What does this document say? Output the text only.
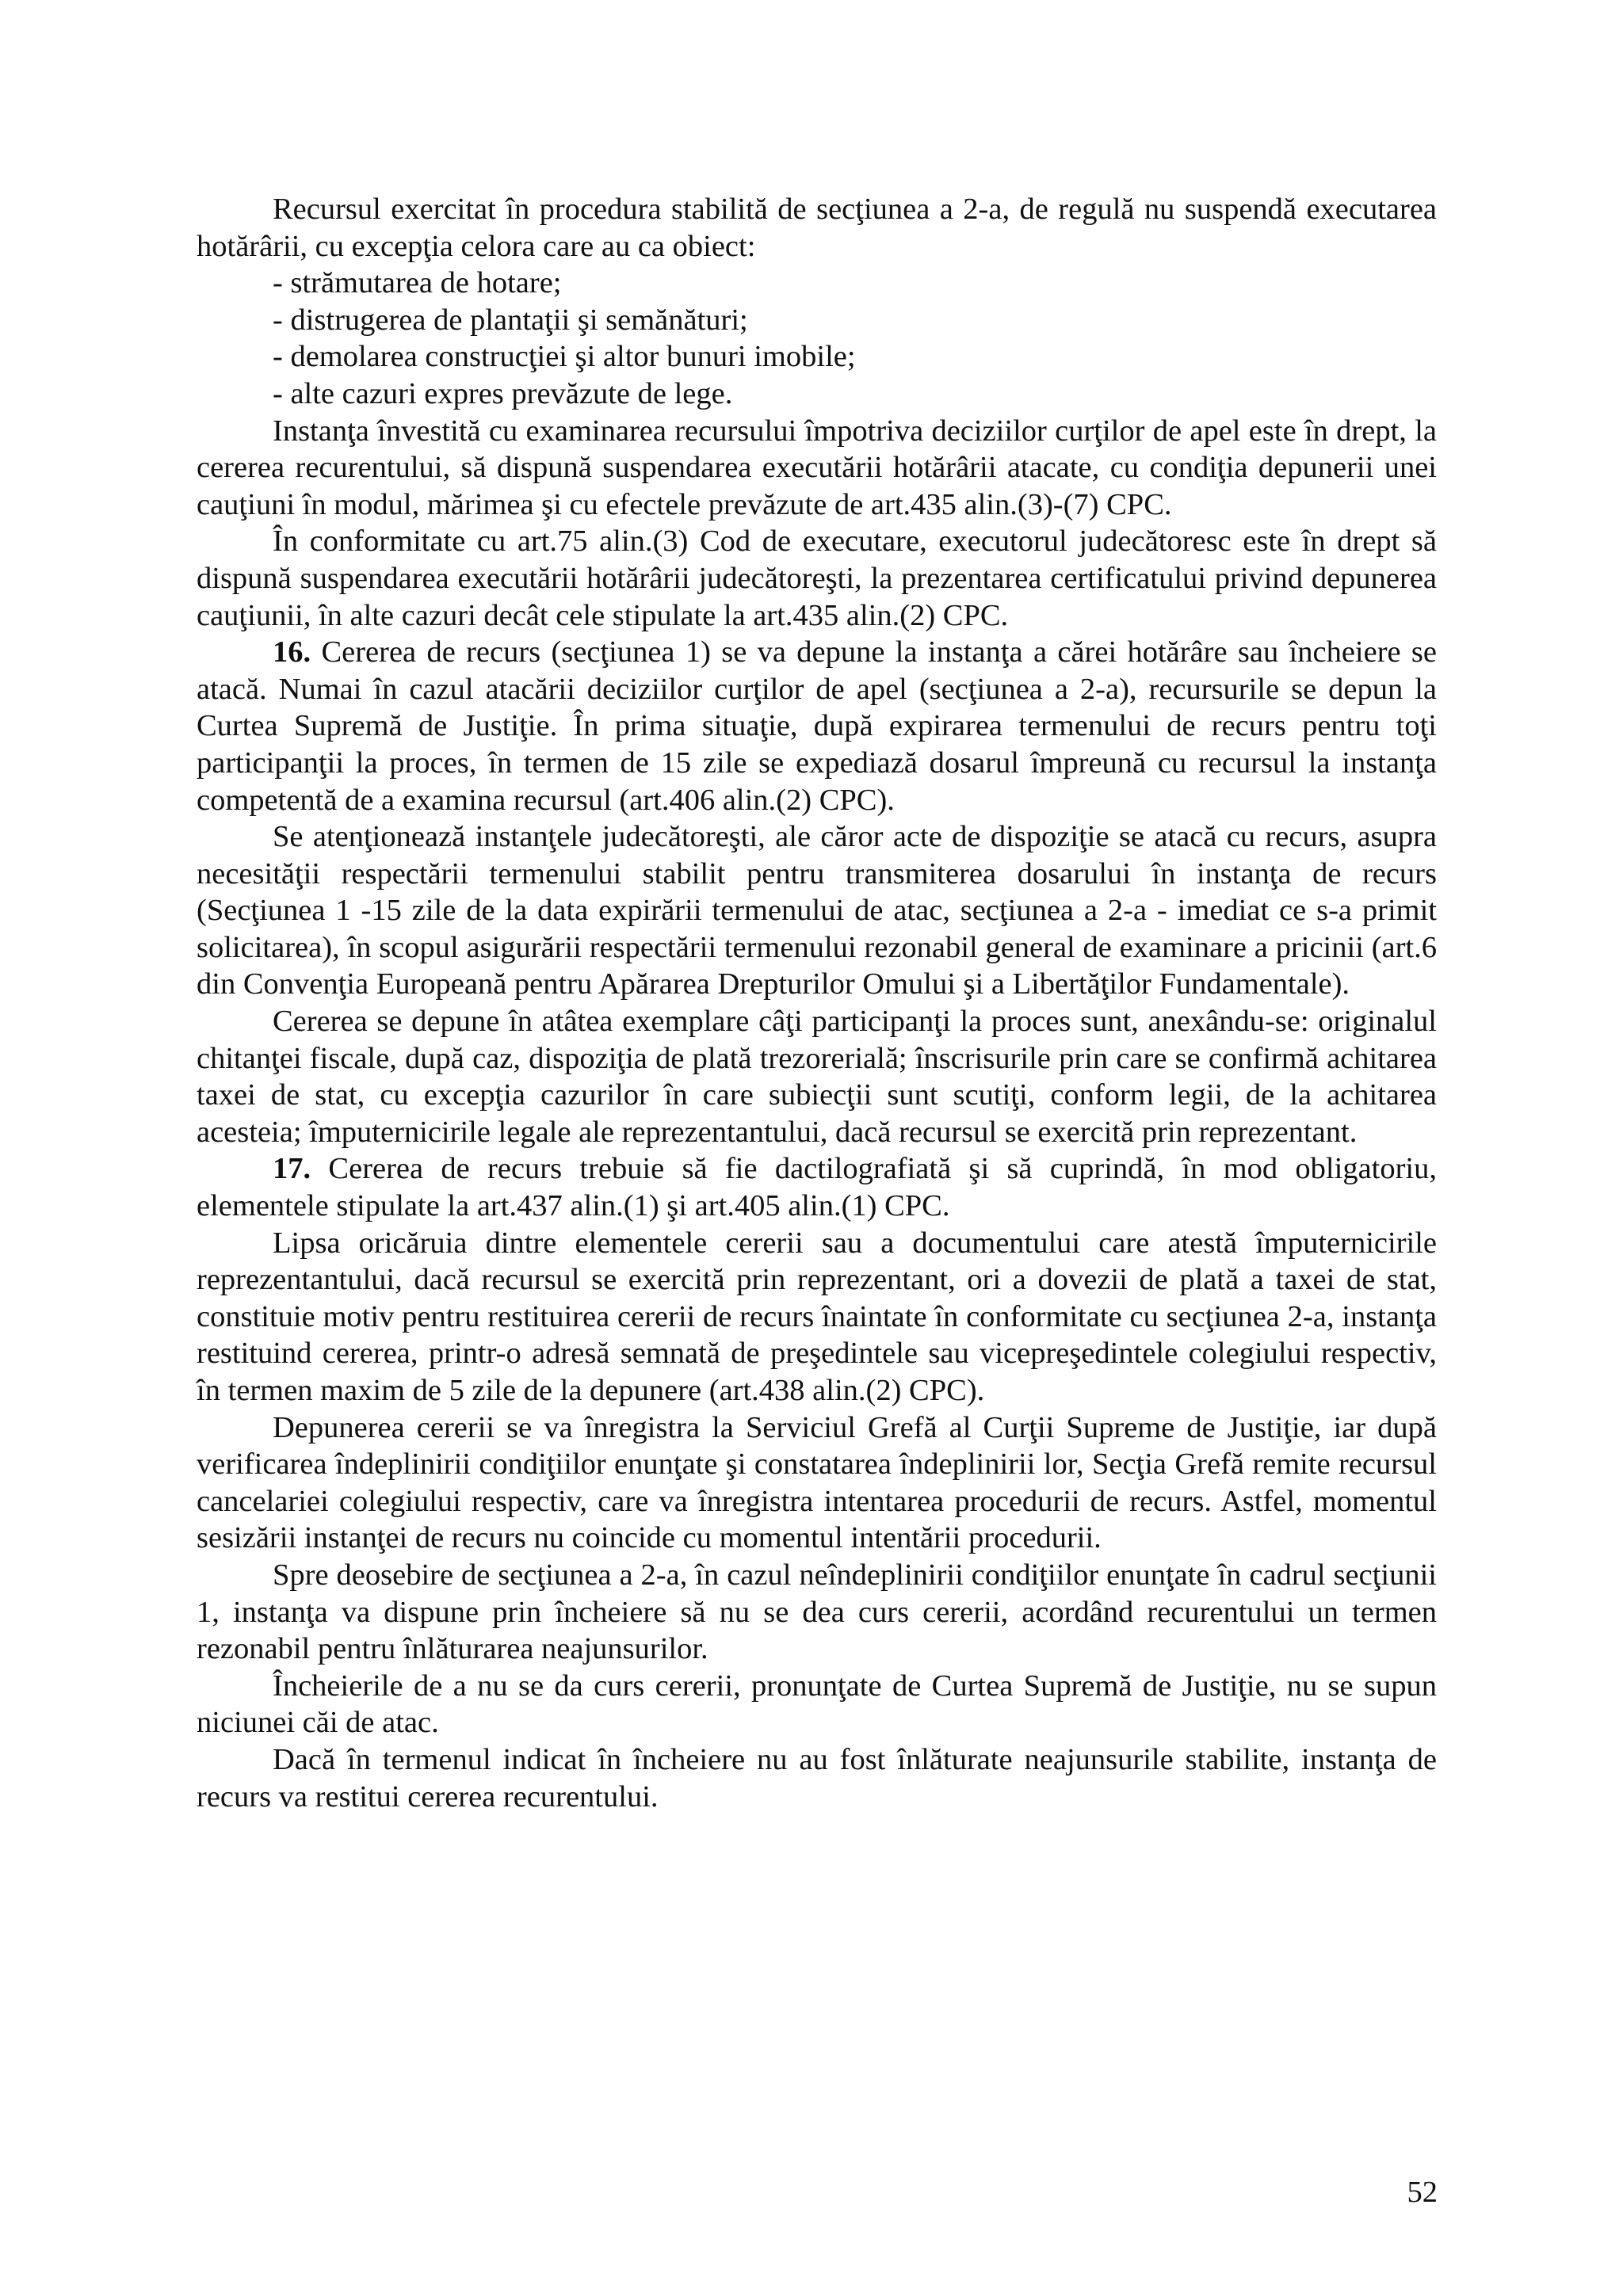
Recursul exercitat în procedura stabilită de secţiunea a 2-a, de regulă nu suspendă executarea hotărârii, cu excepţia celora care au ca obiect:

- strămutarea de hotare;

- distrugerea de plantaţii şi semănături;

- demolarea construcţiei şi altor bunuri imobile;

- alte cazuri expres prevăzute de lege.

Instanţa învestită cu examinarea recursului împotriva deciziilor curţilor de apel este în drept, la cererea recurentului, să dispună suspendarea executării hotărârii atacate, cu condiţia depunerii unei cauţiuni în modul, mărimea şi cu efectele prevăzute de art.435 alin.(3)-(7) CPC.

În conformitate cu art.75 alin.(3) Cod de executare, executorul judecătoresc este în drept să dispună suspendarea executării hotărârii judecătoreşti, la prezentarea certificatului privind depunerea cauţiunii, în alte cazuri decât cele stipulate la art.435 alin.(2) CPC.

16. Cererea de recurs (secţiunea 1) se va depune la instanţa a cărei hotărâre sau încheiere se atacă. Numai în cazul atacării deciziilor curţilor de apel (secţiunea a 2-a), recursurile se depun la Curtea Supremă de Justiţie. În prima situaţie, după expirarea termenului de recurs pentru toţi participanţii la proces, în termen de 15 zile se expediază dosarul împreună cu recursul la instanţa competentă de a examina recursul (art.406 alin.(2) CPC).

Se atenţionează instanţele judecătoreşti, ale căror acte de dispoziţie se atacă cu recurs, asupra necesităţii respectării termenului stabilit pentru transmiterea dosarului în instanţa de recurs (Secţiunea 1 -15 zile de la data expirării termenului de atac, secţiunea a 2-a - imediat ce s-a primit solicitarea), în scopul asigurării respectării termenului rezonabil general de examinare a pricinii (art.6 din Convenţia Europeană pentru Apărarea Drepturilor Omului şi a Libertăţilor Fundamentale).

Cererea se depune în atâtea exemplare câţi participanţi la proces sunt, anexându-se: originalul chitanţei fiscale, după caz, dispoziţia de plată trezorerială; înscrisurile prin care se confirmă achitarea taxei de stat, cu excepţia cazurilor în care subiecţii sunt scutiţi, conform legii, de la achitarea acesteia; împuternicirile legale ale reprezentantului, dacă recursul se exercită prin reprezentant.

17. Cererea de recurs trebuie să fie dactilografiată şi să cuprindă, în mod obligatoriu, elementele stipulate la art.437 alin.(1) şi art.405 alin.(1) CPC.

Lipsa oricăruia dintre elementele cererii sau a documentului care atestă împuternicirile reprezentantului, dacă recursul se exercită prin reprezentant, ori a dovezii de plată a taxei de stat, constituie motiv pentru restituirea cererii de recurs înaintate în conformitate cu secţiunea 2-a, instanţa restituind cererea, printr-o adresă semnată de preşedintele sau vicepreşedintele colegiului respectiv, în termen maxim de 5 zile de la depunere (art.438 alin.(2) CPC).

Depunerea cererii se va înregistra la Serviciul Grefă al Curţii Supreme de Justiţie, iar după verificarea îndeplinirii condiţiilor enunţate şi constatarea îndeplinirii lor, Secţia Grefă remite recursul cancelariei colegiului respectiv, care va înregistra intentarea procedurii de recurs. Astfel, momentul sesizării instanţei de recurs nu coincide cu momentul intentării procedurii.

Spre deosebire de secţiunea a 2-a, în cazul neîndeplinirii condiţiilor enunţate în cadrul secţiunii 1, instanţa va dispune prin încheiere să nu se dea curs cererii, acordând recurentului un termen rezonabil pentru înlăturarea neajunsurilor.

Încheierile de a nu se da curs cererii, pronunţate de Curtea Supremă de Justiţie, nu se supun niciunei căi de atac.

Dacă în termenul indicat în încheiere nu au fost înlăturate neajunsurile stabilite, instanţa de recurs va restitui cererea recurentului.

52
